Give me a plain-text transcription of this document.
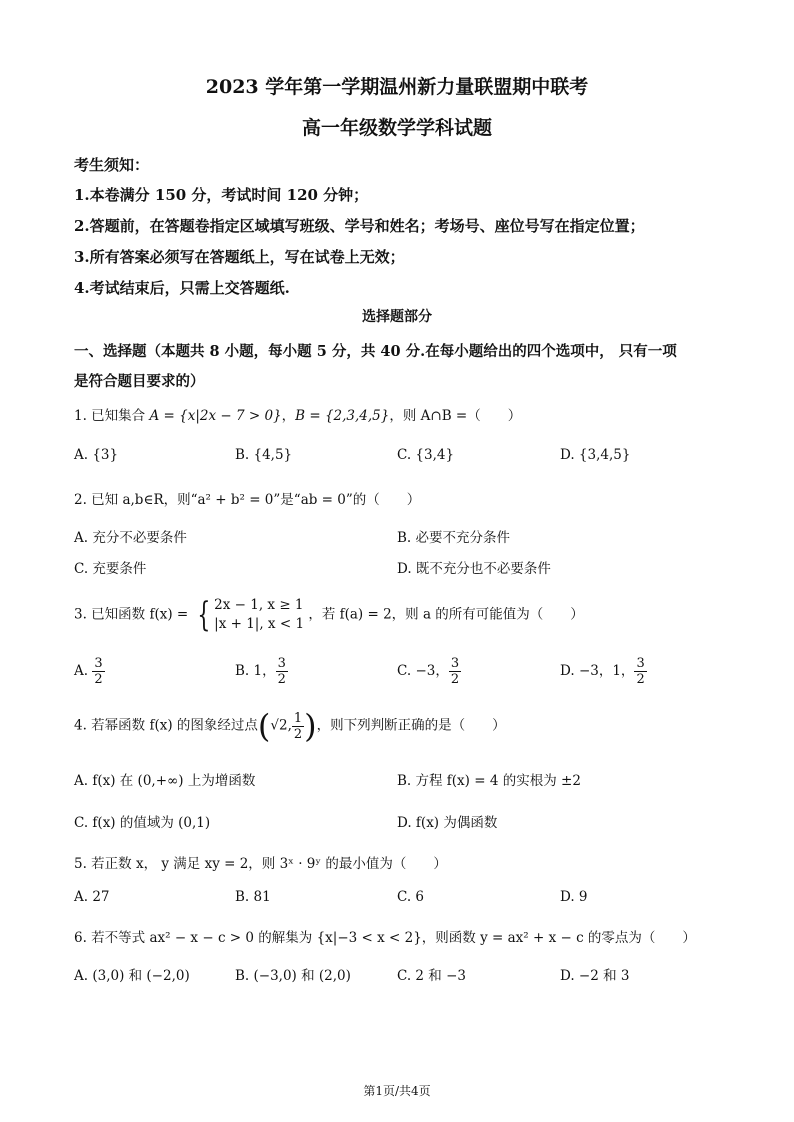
2023 学年第一学期温州新力量联盟期中联考
高一年级数学学科试题
考生须知：
1.本卷满分 150 分，考试时间 120 分钟；
2.答题前，在答题卷指定区域填写班级、学号和姓名；考场号、座位号写在指定位置；
3.所有答案必须写在答题纸上，写在试卷上无效；
4.考试结束后，只需上交答题纸.
选择题部分
一、选择题（本题共 8 小题，每小题 5 分，共 40 分.在每小题给出的四个选项中， 只有一项
是符合题目要求的）
1. 已知集合 A = {x|2x − 7 > 0}，B = {2,3,4,5}，则 A∩B =（　　）
A. {3}	B. {4,5}	C. {3,4}	D. {3,4,5}
2. 已知 a,b∈R，则“a² + b² = 0”是“ab = 0”的（　　）
A. 充分不必要条件	B. 必要不充分条件
C. 充要条件	D. 既不充分也不必要条件
3. 已知函数 f(x) = { 2x − 1, x ≥ 1
|x + 1|, x < 1
，若 f(a) = 2，则 a 的所有可能值为（　　）
A. $\frac{3}{2}$	B. 1， $\frac{3}{2}$	C. −3， $\frac{3}{2}$	D. −3，1， $\frac{3}{2}$
4. 若幂函数 f(x) 的图象经过点(√2, $\frac{1}{2}$ )，则下列判断正确的是（　　）
A. f(x) 在 (0,+∞) 上为增函数	B. 方程 f(x) = 4 的实根为 ±2
C. f(x) 的值域为 (0,1)	D. f(x) 为偶函数
5. 若正数 x， y 满足 xy = 2，则 3ˣ · 9ʸ 的最小值为（　　）
A. 27	B. 81	C. 6	D. 9
6. 若不等式 ax² − x − c > 0 的解集为 {x|−3 < x < 2}，则函数 y = ax² + x − c 的零点为（　　）
A. (3,0) 和 (−2,0)	B. (−3,0) 和 (2,0)	C. 2 和 −3	D. −2 和 3
第1页/共4页
